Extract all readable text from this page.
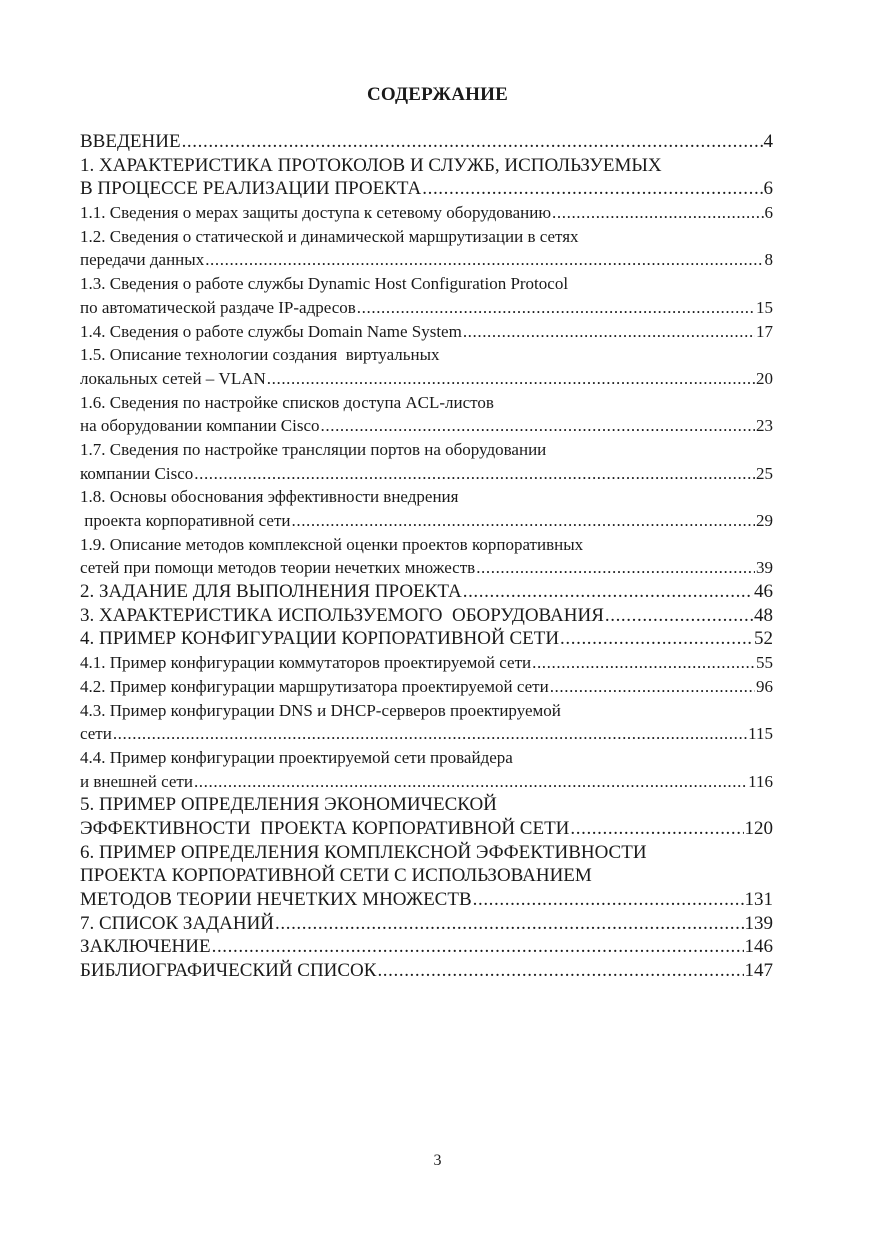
СОДЕРЖАНИЕ
ВВЕДЕНИЕ .....	4
1. ХАРАКТЕРИСТИКА ПРОТОКОЛОВ И СЛУЖБ, ИСПОЛЬЗУЕМЫХ
В ПРОЦЕССЕ РЕАЛИЗАЦИИ ПРОЕКТА .....	6
1.1. Сведения о мерах защиты доступа к сетевому оборудованию .....	6
1.2. Сведения о статической и динамической маршрутизации в сетях
передачи данных .....	8
1.3. Сведения о работе службы Dynamic Host Configuration Protocol
по автоматической раздаче IP-адресов .....	15
1.4. Сведения о работе службы Domain Name System .....	17
1.5. Описание технологии создания  виртуальных
локальных сетей – VLAN .....	20
1.6. Сведения по настройке списков доступа ACL-листов
на оборудовании компании Cisco .....	23
1.7. Сведения по настройке трансляции портов на оборудовании
компании Cisco .....	25
1.8. Основы обоснования эффективности внедрения
проекта корпоративной сети .....	29
1.9. Описание методов комплексной оценки проектов корпоративных
сетей при помощи методов теории нечетких множеств .....	39
2. ЗАДАНИЕ ДЛЯ ВЫПОЛНЕНИЯ ПРОЕКТА .....	46
3. ХАРАКТЕРИСТИКА ИСПОЛЬЗУЕМОГО  ОБОРУДОВАНИЯ .....	48
4. ПРИМЕР КОНФИГУРАЦИИ КОРПОРАТИВНОЙ СЕТИ .....	52
4.1. Пример конфигурации коммутаторов проектируемой сети .....	55
4.2. Пример конфигурации маршрутизатора проектируемой сети .....	96
4.3. Пример конфигурации DNS и DHCP-серверов проектируемой
сети .....	115
4.4. Пример конфигурации проектируемой сети провайдера
и внешней сети .....	116
5. ПРИМЕР ОПРЕДЕЛЕНИЯ ЭКОНОМИЧЕСКОЙ
ЭФФЕКТИВНОСТИ  ПРОЕКТА КОРПОРАТИВНОЙ СЕТИ .....	120
6. ПРИМЕР ОПРЕДЕЛЕНИЯ КОМПЛЕКСНОЙ ЭФФЕКТИВНОСТИ
ПРОЕКТА КОРПОРАТИВНОЙ СЕТИ С ИСПОЛЬЗОВАНИЕМ
МЕТОДОВ ТЕОРИИ НЕЧЕТКИХ МНОЖЕСТВ .....	131
7. СПИСОК ЗАДАНИЙ .....	139
ЗАКЛЮЧЕНИЕ .....	146
БИБЛИОГРАФИЧЕСКИЙ СПИСОК .....	147
3
